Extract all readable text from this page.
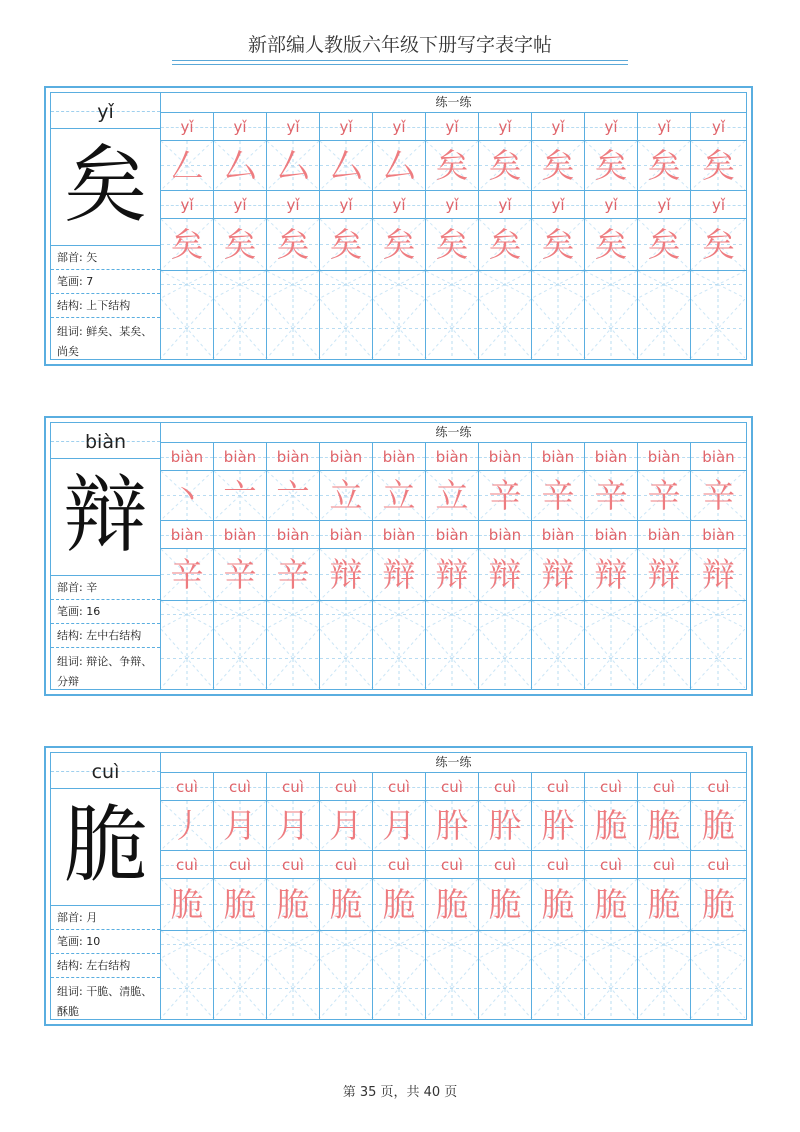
新部编人教版六年级下册写字表字帖
yǐ
矣
部首: 矢
笔画: 7
结构: 上下结构
组词: 鲜矣、某矣、尚矣
练一练
yǐ	yǐ	yǐ	yǐ	yǐ	yǐ	yǐ	yǐ	yǐ	yǐ	yǐ
𠃋 厶 厶 厶 厶 矣 矣 矣 矣 矣 矣
yǐ	yǐ	yǐ	yǐ	yǐ	yǐ	yǐ	yǐ	yǐ	yǐ	yǐ
矣 矣 矣 矣 矣 矣 矣 矣 矣 矣 矣
biàn
辩
部首: 辛
笔画: 16
结构: 左中右结构
组词: 辩论、争辩、分辩
练一练
biàn	biàn	biàn	biàn	biàn	biàn	biàn	biàn	biàn	biàn	biàn
丶 亠 亠 立 立 立 辛 辛 辛 辛 辛
biàn	biàn	biàn	biàn	biàn	biàn	biàn	biàn	biàn	biàn	biàn
辛 辛 辛 辩 辩 辩 辩 辩 辩 辩 辩
cuì
脆
部首: 月
笔画: 10
结构: 左右结构
组词: 干脆、清脆、酥脆
练一练
cuì	cuì	cuì	cuì	cuì	cuì	cuì	cuì	cuì	cuì	cuì
丿 月 月 月 月 肸 肸 肸 脆 脆 脆
cuì	cuì	cuì	cuì	cuì	cuì	cuì	cuì	cuì	cuì	cuì
脆 脆 脆 脆 脆 脆 脆 脆 脆 脆 脆
第 35 页，共 40 页
